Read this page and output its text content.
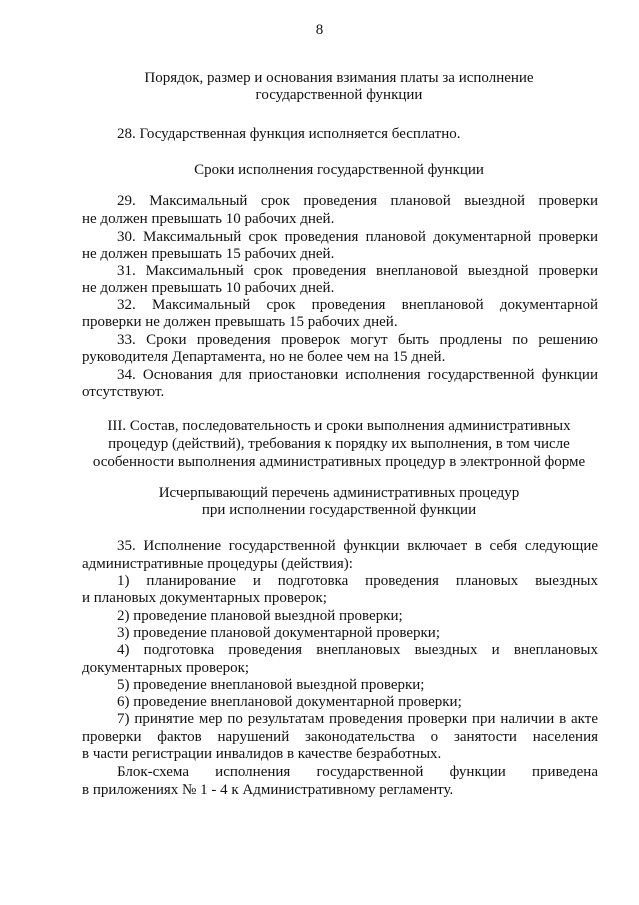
8
Порядок, размер и основания взимания платы за исполнение
государственной функции
28. Государственная функция исполняется бесплатно.
Сроки исполнения государственной функции
29. Максимальный срок проведения плановой выездной проверки
не должен превышать 10 рабочих дней.
30. Максимальный срок проведения плановой документарной проверки
не должен превышать 15 рабочих дней.
31. Максимальный срок проведения внеплановой выездной проверки
не должен превышать 10 рабочих дней.
32. Максимальный срок проведения внеплановой документарной
проверки не должен превышать 15 рабочих дней.
33. Сроки проведения проверок могут быть продлены по решению
руководителя Департамента, но не более чем на 15 дней.
34. Основания для приостановки исполнения государственной функции
отсутствуют.
III. Состав, последовательность и сроки выполнения административных
процедур (действий), требования к порядку их выполнения, в том числе
особенности выполнения административных процедур в электронной форме
Исчерпывающий перечень административных процедур
при исполнении государственной функции
35. Исполнение государственной функции включает в себя следующие
административные процедуры (действия):
1) планирование и подготовка проведения плановых выездных
и плановых документарных проверок;
2) проведение плановой выездной проверки;
3) проведение плановой документарной проверки;
4) подготовка проведения внеплановых выездных и внеплановых
документарных проверок;
5) проведение внеплановой выездной проверки;
6) проведение внеплановой документарной проверки;
7) принятие мер по результатам проведения проверки при наличии в акте
проверки фактов нарушений законодательства о занятости населения
в части регистрации инвалидов в качестве безработных.
Блок-схема исполнения государственной функции приведена
в приложениях № 1 - 4 к Административному регламенту.
